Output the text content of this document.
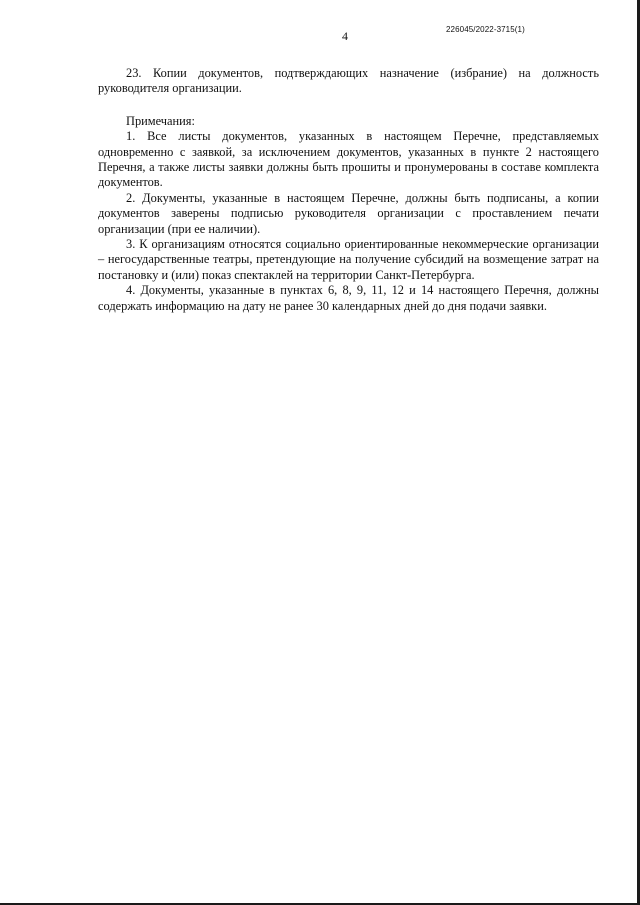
4	226045/2022-3715(1)

23. Копии документов, подтверждающих назначение (избрание) на должность руководителя организации.

Примечания:

1. Все листы документов, указанных в настоящем Перечне, представляемых одновременно с заявкой, за исключением документов, указанных в пункте 2 настоящего Перечня, а также листы заявки должны быть прошиты и пронумерованы в составе комплекта документов.

2. Документы, указанные в настоящем Перечне, должны быть подписаны, а копии документов заверены подписью руководителя организации с проставлением печати организации (при ее наличии).

3. К организациям относятся социально ориентированные некоммерческие организации – негосударственные театры, претендующие на получение субсидий на возмещение затрат на постановку и (или) показ спектаклей на территории Санкт-Петербурга.

4. Документы, указанные в пунктах 6, 8, 9, 11, 12 и 14 настоящего Перечня, должны содержать информацию на дату не ранее 30 календарных дней до дня подачи заявки.
